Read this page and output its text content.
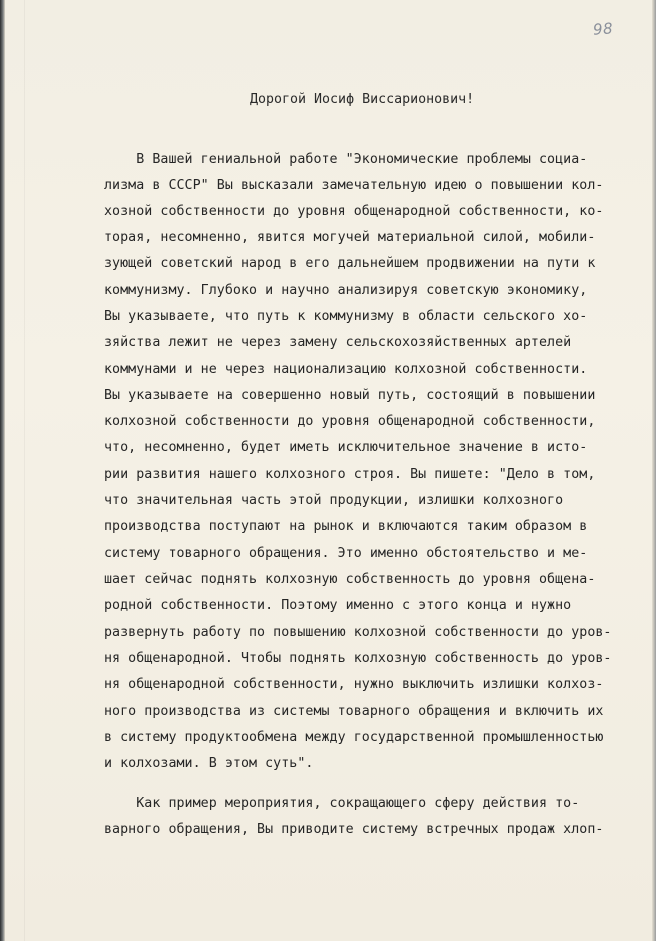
98
Дорогой Иосиф Виссарионович!
В Вашей гениальной работе "Экономические проблемы социа-
лизма в СССР" Вы высказали замечательную идею о повышении кол-
хозной собственности до уровня общенародной собственности, ко-
торая, несомненно, явится могучей материальной силой, мобили-
зующей советский народ в его дальнейшем продвижении на пути к
коммунизму. Глубоко и научно анализируя советскую экономику,
Вы указываете, что путь к коммунизму в области сельского хо-
зяйства лежит не через замену сельскохозяйственных артелей
коммунами и не через национализацию колхозной собственности.
Вы указываете на совершенно новый путь, состоящий в повышении
колхозной собственности до уровня общенародной собственности,
что, несомненно, будет иметь исключительное значение в исто-
рии развития нашего колхозного строя. Вы пишете: "Дело в том,
что значительная часть этой продукции, излишки колхозного
производства поступают на рынок и включаются таким образом в
систему товарного обращения. Это именно обстоятельство и ме-
шает сейчас поднять колхозную собственность до уровня общена-
родной собственности. Поэтому именно с этого конца и нужно
развернуть работу по повышению колхозной собственности до уров-
ня общенародной. Чтобы поднять колхозную собственность до уров-
ня общенародной собственности, нужно выключить излишки колхоз-
ного производства из системы товарного обращения и включить их
в систему продуктообмена между государственной промышленностью
и колхозами. В этом суть".
Как пример мероприятия, сокращающего сферу действия то-
варного обращения, Вы приводите систему встречных продаж хлоп-
